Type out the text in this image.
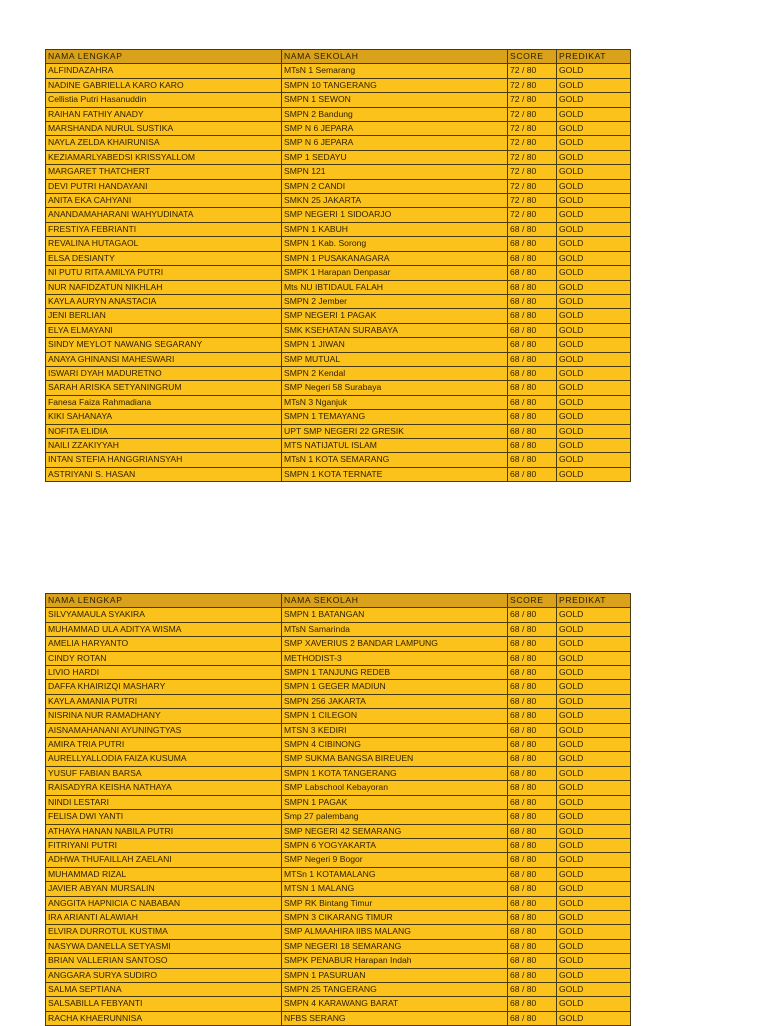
NAMA LENGKAP	NAMA SEKOLAH	SCORE	PREDIKAT
ALFINDAZAHRA	MTsN 1 Semarang	72 / 80	GOLD
NADINE GABRIELLA KARO KARO	SMPN 10 TANGERANG	72 / 80	GOLD
Cellistia Putri Hasanuddin	SMPN 1 SEWON	72 / 80	GOLD
RAIHAN FATHIY ANADY	SMPN 2 Bandung	72 / 80	GOLD
MARSHANDA NURUL SUSTIKA	SMP N 6 JEPARA	72 / 80	GOLD
NAYLA ZELDA KHAIRUNISA	SMP N 6 JEPARA	72 / 80	GOLD
KEZIAMARLYABEDSI KRISSYALLOM	SMP 1 SEDAYU	72 / 80	GOLD
MARGARET THATCHERT	SMPN 121	72 / 80	GOLD
DEVI PUTRI HANDAYANI	SMPN 2 CANDI	72 / 80	GOLD
ANITA EKA CAHYANI	SMKN 25 JAKARTA	72 / 80	GOLD
ANANDAMAHARANI WAHYUDINATA	SMP NEGERI 1 SIDOARJO	72 / 80	GOLD
FRESTIYA FEBRIANTI	SMPN 1 KABUH	68 / 80	GOLD
REVALINA HUTAGAOL	SMPN 1 Kab. Sorong	68 / 80	GOLD
ELSA DESIANTY	SMPN 1 PUSAKANAGARA	68 / 80	GOLD
NI PUTU RITA AMILYA PUTRI	SMPK 1 Harapan Denpasar	68 / 80	GOLD
NUR NAFIDZATUN NIKHLAH	Mts NU IBTIDAUL FALAH	68 / 80	GOLD
KAYLA AURYN ANASTACIA	SMPN 2 Jember	68 / 80	GOLD
JENI BERLIAN	SMP NEGERI 1 PAGAK	68 / 80	GOLD
ELYA ELMAYANI	SMK KSEHATAN SURABAYA	68 / 80	GOLD
SINDY MEYLOT NAWANG SEGARANY	SMPN 1 JIWAN	68 / 80	GOLD
ANAYA GHINANSI MAHESWARI	SMP MUTUAL	68 / 80	GOLD
ISWARI DYAH MADURETNO	SMPN 2 Kendal	68 / 80	GOLD
SARAH ARISKA SETYANINGRUM	SMP Negeri 58 Surabaya	68 / 80	GOLD
Fanesa Faiza Rahmadiana	MTsN 3 Nganjuk	68 / 80	GOLD
KIKI SAHANAYA	SMPN 1 TEMAYANG	68 / 80	GOLD
NOFITA ELIDIA	UPT SMP NEGERI 22 GRESIK	68 / 80	GOLD
NAILI ZZAKIYYAH	MTS NATIJATUL ISLAM	68 / 80	GOLD
INTAN STEFIA HANGGRIANSYAH	MTsN 1 KOTA SEMARANG	68 / 80	GOLD
ASTRIYANI S. HASAN	SMPN 1 KOTA TERNATE	68 / 80	GOLD
NAMA LENGKAP	NAMA SEKOLAH	SCORE	PREDIKAT
SILVYAMAULA SYAKIRA	SMPN 1 BATANGAN	68 / 80	GOLD
MUHAMMAD ULA ADITYA WISMA	MTsN Samarinda	68 / 80	GOLD
AMELIA HARYANTO	SMP XAVERIUS 2 BANDAR LAMPUNG	68 / 80	GOLD
CINDY ROTAN	METHODIST-3	68 / 80	GOLD
LIVIO HARDI	SMPN 1 TANJUNG REDEB	68 / 80	GOLD
DAFFA KHAIRIZQI MASHARY	SMPN 1 GEGER MADIUN	68 / 80	GOLD
KAYLA AMANIA PUTRI	SMPN 256 JAKARTA	68 / 80	GOLD
NISRINA NUR RAMADHANY	SMPN 1 CILEGON	68 / 80	GOLD
AISNAMAHANANI AYUNINGTYAS	MTSN 3 KEDIRI	68 / 80	GOLD
AMIRA TRIA PUTRI	SMPN 4 CIBINONG	68 / 80	GOLD
AURELLYALLODIA FAIZA KUSUMA	SMP SUKMA BANGSA BIREUEN	68 / 80	GOLD
YUSUF FABIAN BARSA	SMPN 1 KOTA TANGERANG	68 / 80	GOLD
RAISADYRA KEISHA NATHAYA	SMP Labschool Kebayoran	68 / 80	GOLD
NINDI LESTARI	SMPN 1 PAGAK	68 / 80	GOLD
FELISA DWI YANTI	Smp 27 palembang	68 / 80	GOLD
ATHAYA HANAN NABILA PUTRI	SMP NEGERI 42 SEMARANG	68 / 80	GOLD
FITRIYANI PUTRI	SMPN 6 YOGYAKARTA	68 / 80	GOLD
ADHWA THUFAILLAH ZAELANI	SMP Negeri 9 Bogor	68 / 80	GOLD
MUHAMMAD RIZAL	MTSn 1 KOTAMALANG	68 / 80	GOLD
JAVIER ABYAN MURSALIN	MTSN 1 MALANG	68 / 80	GOLD
ANGGITA HAPNICIA C NABABAN	SMP RK Bintang Timur	68 / 80	GOLD
IRA ARIANTI ALAWIAH	SMPN 3 CIKARANG TIMUR	68 / 80	GOLD
ELVIRA DURROTUL KUSTIMA	SMP ALMAAHIRA IIBS MALANG	68 / 80	GOLD
NASYWA DANELLA SETYASMI	SMP NEGERI 18 SEMARANG	68 / 80	GOLD
BRIAN VALLERIAN SANTOSO	SMPK PENABUR Harapan Indah	68 / 80	GOLD
ANGGARA SURYA SUDIRO	SMPN 1 PASURUAN	68 / 80	GOLD
SALMA SEPTIANA	SMPN 25 TANGERANG	68 / 80	GOLD
SALSABILLA FEBYANTI	SMPN 4 KARAWANG BARAT	68 / 80	GOLD
RACHA KHAERUNNISA	NFBS SERANG	68 / 80	GOLD
